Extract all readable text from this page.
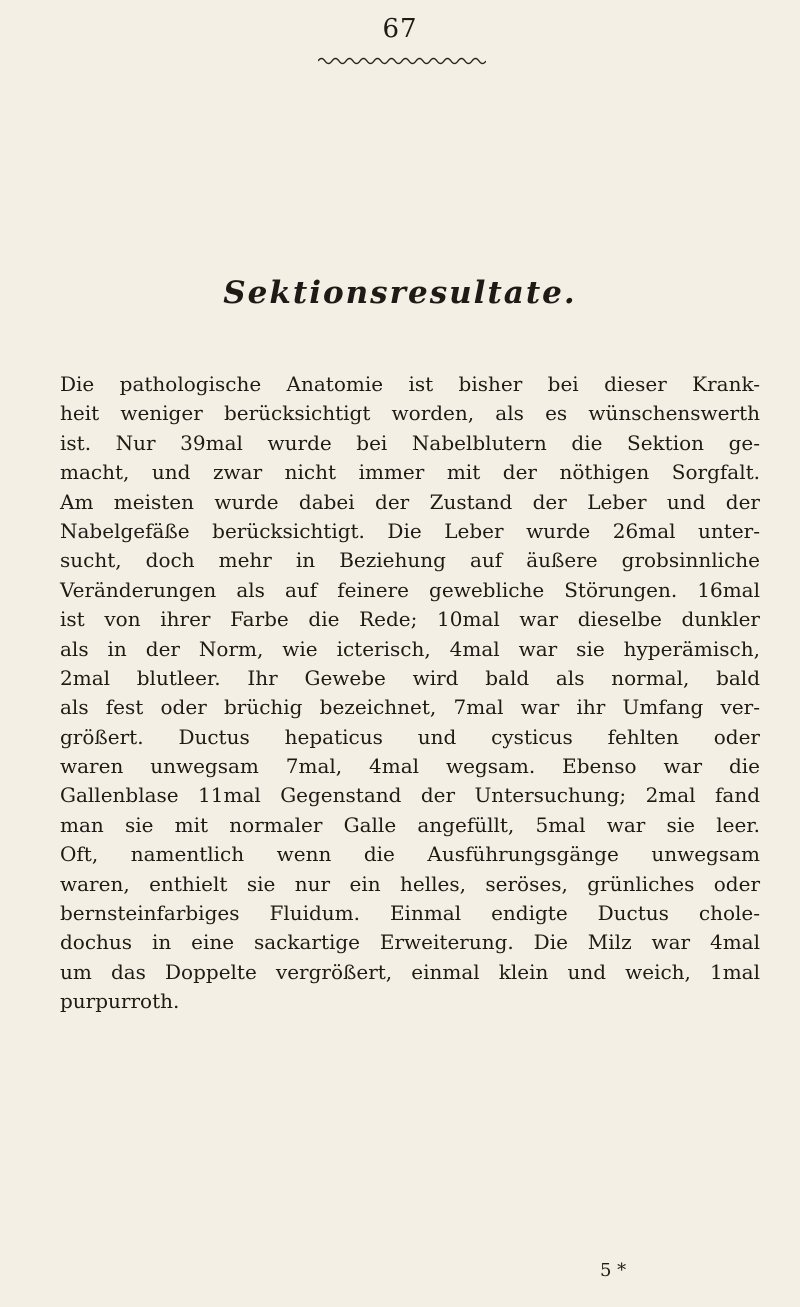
67
Sektionsresultate.
Die pathologische Anatomie ist bisher bei dieser Krank-
heit weniger berücksichtigt worden, als es wünschenswerth
ist. Nur 39mal wurde bei Nabelblutern die Sektion ge-
macht, und zwar nicht immer mit der nöthigen Sorgfalt.
Am meisten wurde dabei der Zustand der Leber und der
Nabelgefäße berücksichtigt. Die Leber wurde 26mal unter-
sucht, doch mehr in Beziehung auf äußere grobsinnliche
Veränderungen als auf feinere gewebliche Störungen. 16mal
ist von ihrer Farbe die Rede; 10mal war dieselbe dunkler
als in der Norm, wie icterisch, 4mal war sie hyperämisch,
2mal blutleer. Ihr Gewebe wird bald als normal, bald
als fest oder brüchig bezeichnet, 7mal war ihr Umfang ver-
größert. Ductus hepaticus und cysticus fehlten oder
waren unwegsam 7mal, 4mal wegsam. Ebenso war die
Gallenblase 11mal Gegenstand der Untersuchung; 2mal fand
man sie mit normaler Galle angefüllt, 5mal war sie leer.
Oft, namentlich wenn die Ausführungsgänge unwegsam
waren, enthielt sie nur ein helles, seröses, grünliches oder
bernsteinfarbiges Fluidum. Einmal endigte Ductus chole-
dochus in eine sackartige Erweiterung. Die Milz war 4mal
um das Doppelte vergrößert, einmal klein und weich, 1mal
purpurroth.
5 *
